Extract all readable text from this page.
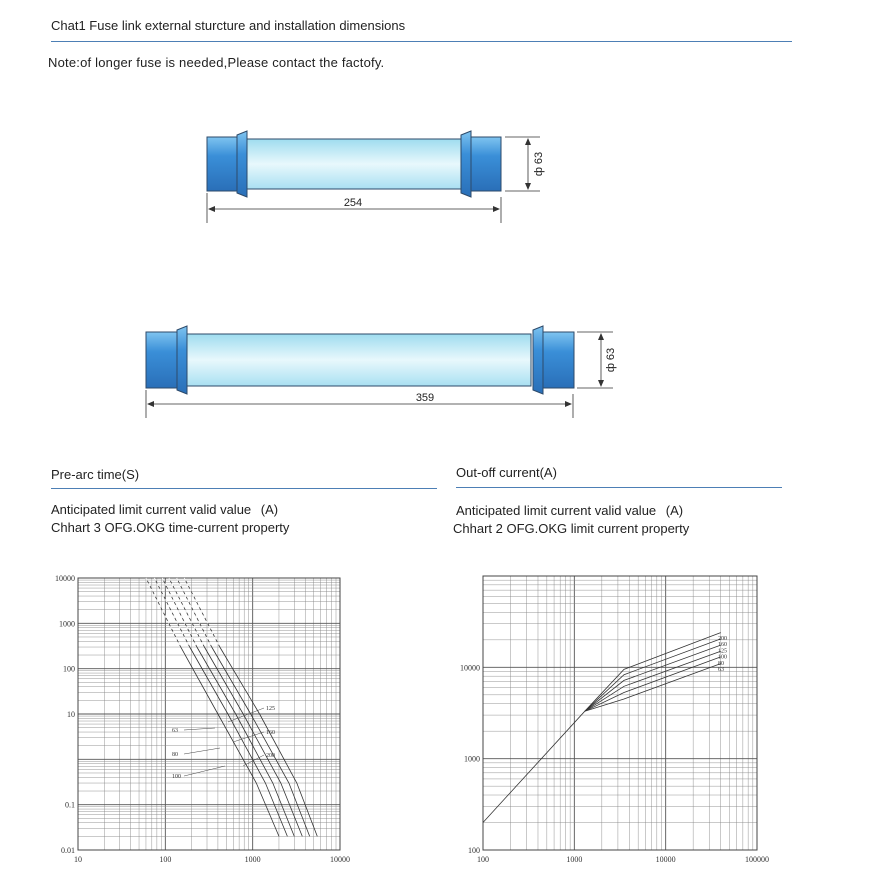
Chat1 Fuse link external sturcture and installation dimensions
Note:of longer fuse is needed,Please contact the factofy.
ф 63
254
ф 63
359
Pre-arc time(S)
Anticipated limit current valid value (A)
Chhart 3 OFG.OKG time-current property
Out-off current(A)
Anticipated limit current valid value (A)
Chhart 2 OFG.OKG limit current property
10	100	1000	10000
10000
1000
100
10
0.1
0.01
63
80
100
125
160
200
100	1000	10000	100000
10000
1000
100
200
160
125
100
80
63
